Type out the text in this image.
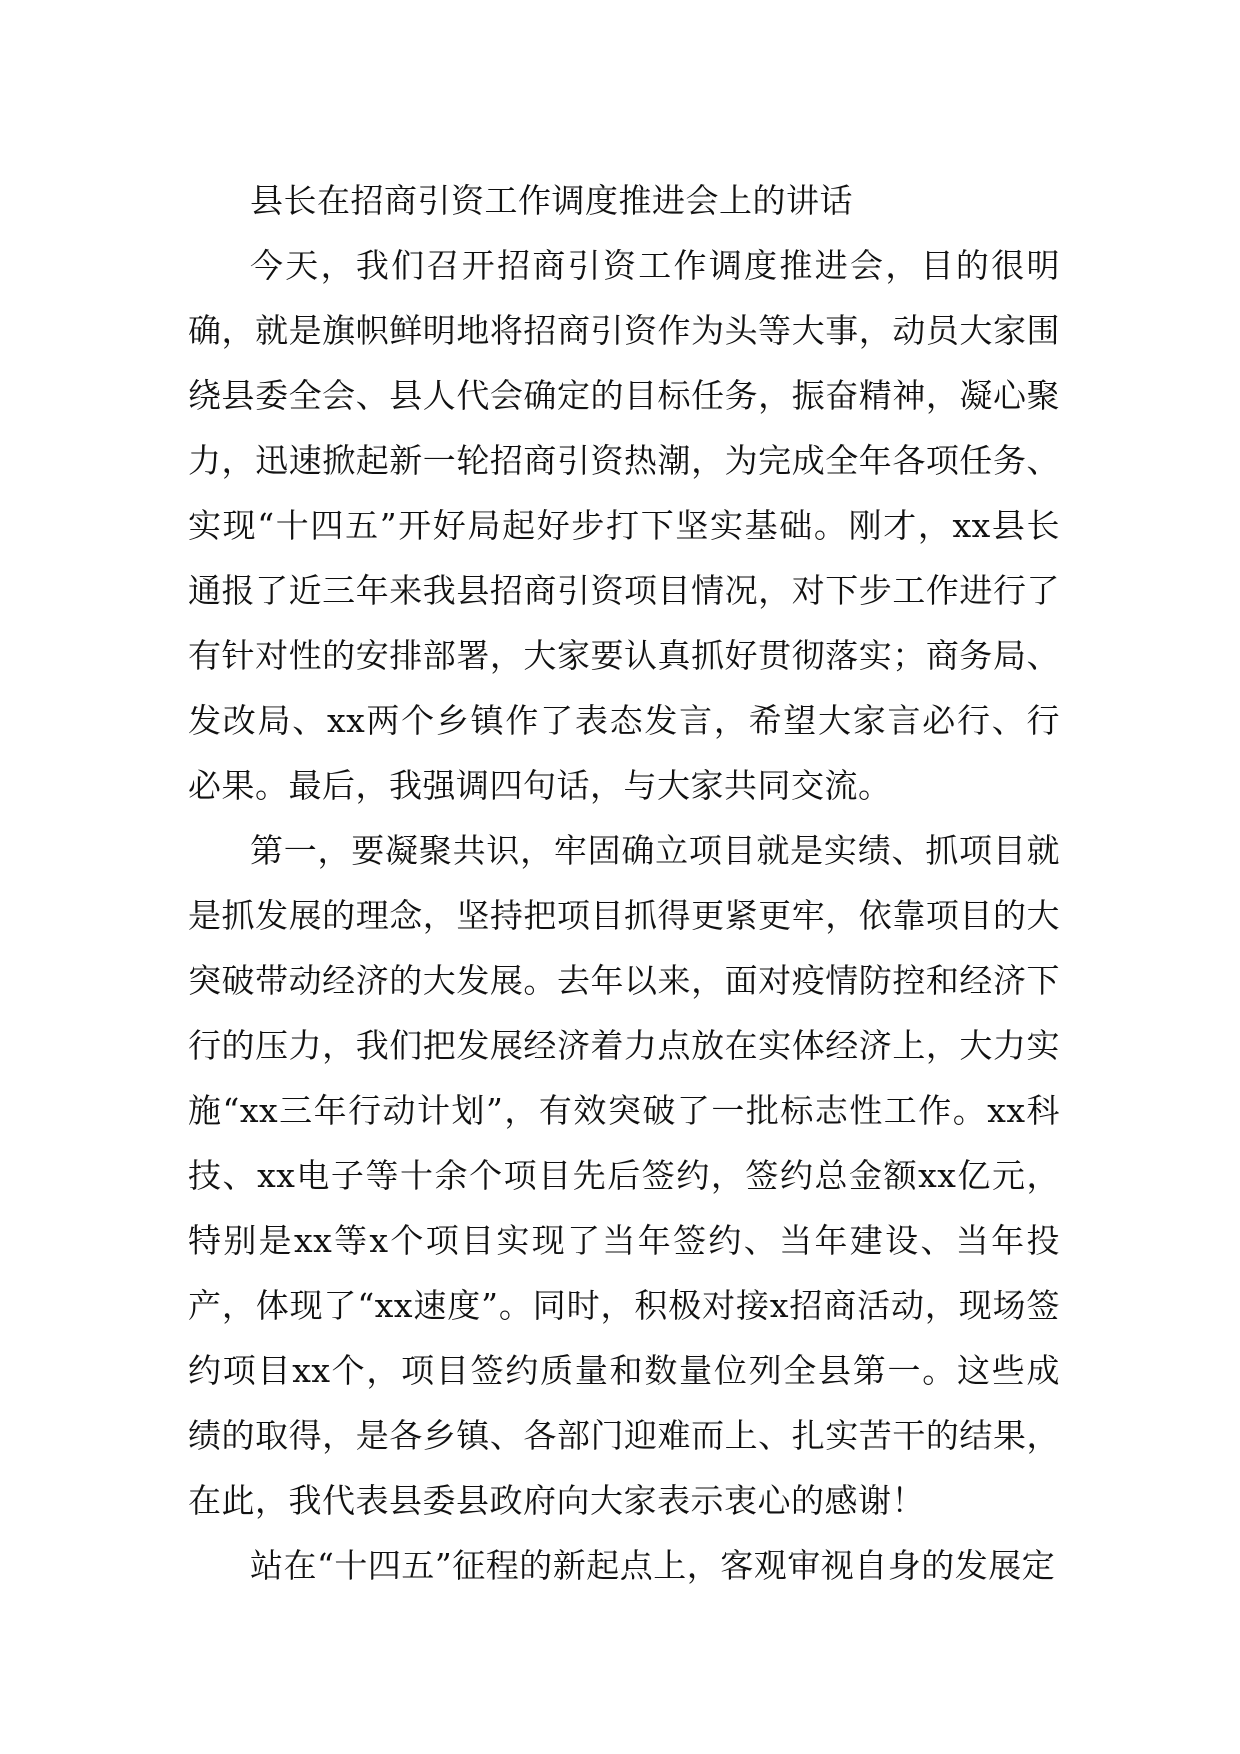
县长在招商引资工作调度推进会上的讲话

今天，我们召开招商引资工作调度推进会，目的很明确，就是旗帜鲜明地将招商引资作为头等大事，动员大家围绕县委全会、县人代会确定的目标任务，振奋精神，凝心聚力，迅速掀起新一轮招商引资热潮，为完成全年各项任务、实现“十四五”开好局起好步打下坚实基础。刚才，xx县长通报了近三年来我县招商引资项目情况，对下步工作进行了有针对性的安排部署，大家要认真抓好贯彻落实；商务局、发改局、xx两个乡镇作了表态发言，希望大家言必行、行必果。最后，我强调四句话，与大家共同交流。

第一，要凝聚共识，牢固确立项目就是实绩、抓项目就是抓发展的理念，坚持把项目抓得更紧更牢，依靠项目的大突破带动经济的大发展。去年以来，面对疫情防控和经济下行的压力，我们把发展经济着力点放在实体经济上，大力实施“xx三年行动计划”，有效突破了一批标志性工作。xx科技、xx电子等十余个项目先后签约，签约总金额xx亿元，特别是xx等x个项目实现了当年签约、当年建设、当年投产，体现了“xx速度”。同时，积极对接x招商活动，现场签约项目xx个，项目签约质量和数量位列全县第一。这些成绩的取得，是各乡镇、各部门迎难而上、扎实苦干的结果，在此，我代表县委县政府向大家表示衷心的感谢！

站在“十四五”征程的新起点上，客观审视自身的发展定
